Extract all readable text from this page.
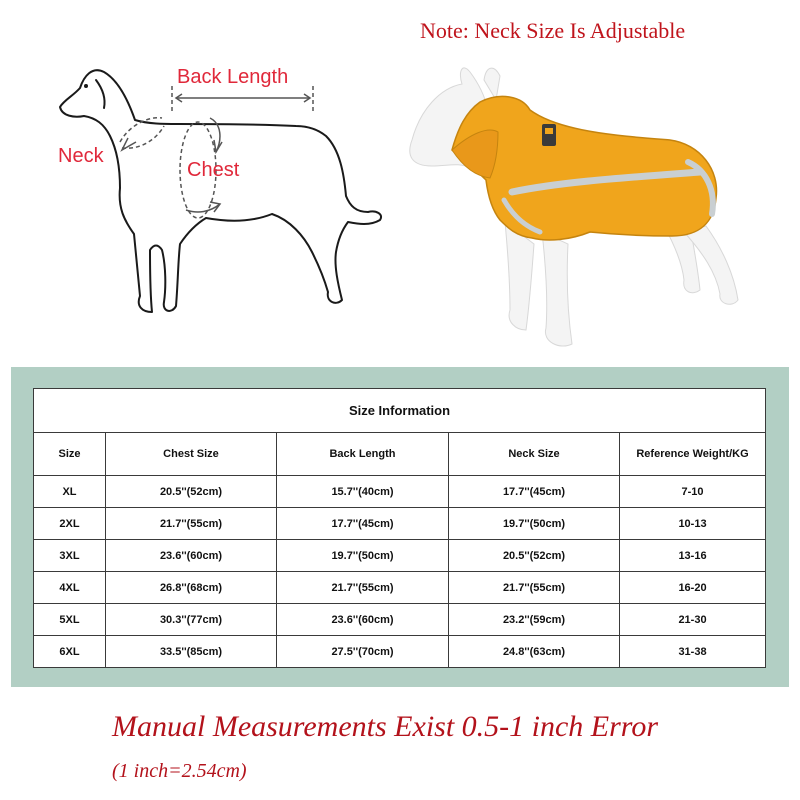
Note: Neck Size Is Adjustable
Back Length
Neck
Chest
Size Information				
Size	Chest Size	Back Length	Neck Size	Reference Weight/KG
XL	20.5''(52cm)	15.7''(40cm)	17.7''(45cm)	7-10
2XL	21.7''(55cm)	17.7''(45cm)	19.7''(50cm)	10-13
3XL	23.6''(60cm)	19.7''(50cm)	20.5''(52cm)	13-16
4XL	26.8''(68cm)	21.7''(55cm)	21.7''(55cm)	16-20
5XL	30.3''(77cm)	23.6''(60cm)	23.2''(59cm)	21-30
6XL	33.5''(85cm)	27.5''(70cm)	24.8''(63cm)	31-38
Manual Measurements Exist 0.5-1 inch Error
(1 inch=2.54cm)
